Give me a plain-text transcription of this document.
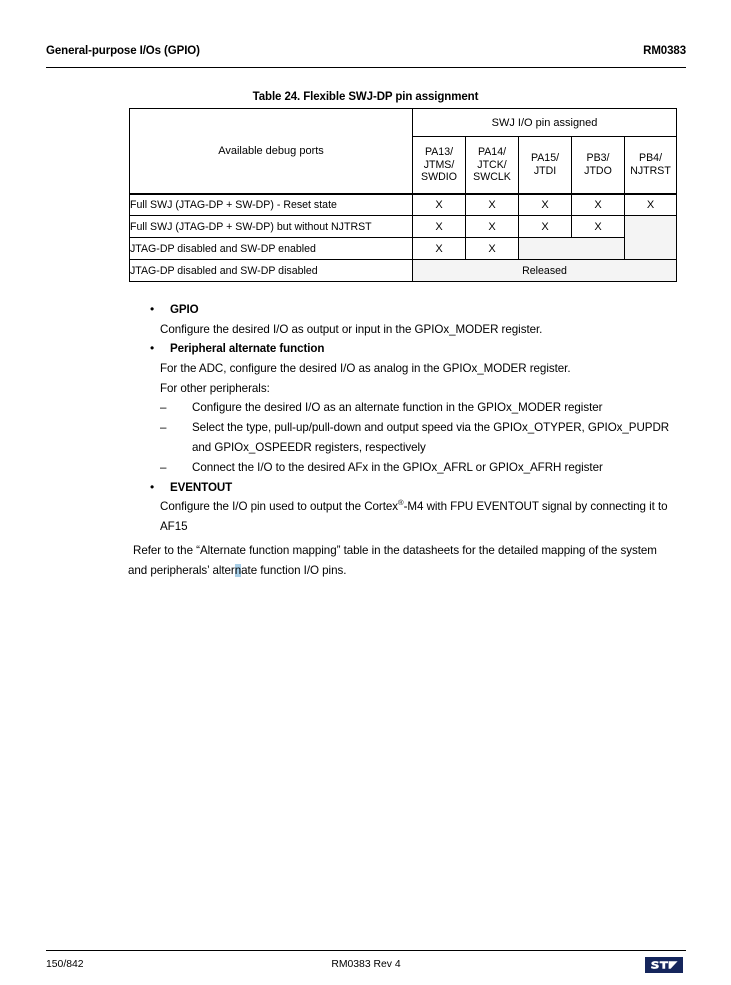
General-purpose I/Os (GPIO)	RM0383
Table 24. Flexible SWJ-DP pin assignment
Available debug ports	SWJ I/O pin assigned				
	PA13/
JTMS/
SWDIO	PA14/
JTCK/
SWCLK	PA15/
JTDI	PB3/
JTDO	PB4/
NJTRST
Full SWJ (JTAG-DP + SW-DP) - Reset state	X	X	X	X	X
Full SWJ (JTAG-DP + SW-DP) but without NJTRST	X	X	X	X	
JTAG-DP disabled and SW-DP enabled	X	X			
JTAG-DP disabled and SW-DP disabled	Released				
•	GPIO
Configure the desired I/O as output or input in the GPIOx_MODER register.
•	Peripheral alternate function
For the ADC, configure the desired I/O as analog in the GPIOx_MODER register.
For other peripherals:
– Configure the desired I/O as an alternate function in the GPIOx_MODER register
– Select the type, pull-up/pull-down and output speed via the GPIOx_OTYPER, GPIOx_PUPDR and GPIOx_OSPEEDR registers, respectively
– Connect the I/O to the desired AFx in the GPIOx_AFRL or GPIOx_AFRH register
•	EVENTOUT
Configure the I/O pin used to output the Cortex®-M4 with FPU EVENTOUT signal by connecting it to AF15
Refer to the “Alternate function mapping” table in the datasheets for the detailed mapping of the system and peripherals’ alternate function I/O pins.
150/842	RM0383 Rev 4
